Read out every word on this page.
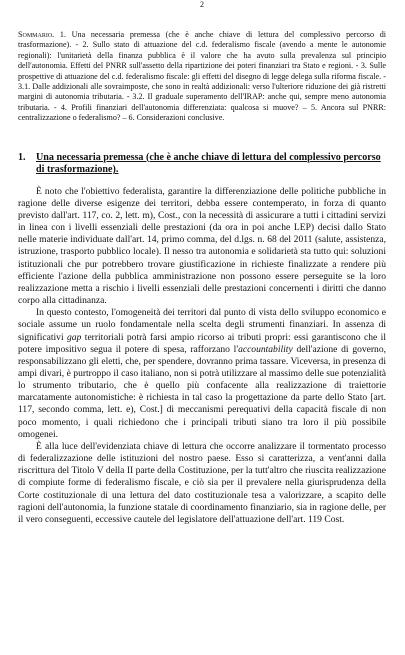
2
Sommario. 1. Una necessaria premessa (che è anche chiave di lettura del complessivo percorso di trasformazione). - 2. Sullo stato di attuazione del c.d. federalismo fiscale (avendo a mente le autonomie regionali): l'unitarietà della finanza pubblica è il valore che ha avuto sulla prevalenza sul principio dell'autonomia. Effetti del PNRR sull'assetto della ripartizione dei poteri finanziari tra Stato e regioni. - 3. Sulle prospettive di attuazione del c.d. federalismo fiscale: gli effetti del disegno di legge delega sulla riforma fiscale. - 3.1. Dalle addizionali alle sovraimposte, che sono in realtà addizionali: verso l'ulteriore riduzione dei già ristretti margini di autonomia tributaria. - 3.2. Il graduale superamento dell'IRAP: anche qui, sempre meno autonomia tributaria. - 4. Profili finanziari dell'autonomia differenziata: qualcosa si muove? – 5. Ancora sul PNRR: centralizzazione o federalismo? – 6. Considerazioni conclusive.
1.	Una necessaria premessa (che è anche chiave di lettura del complessivo percorso di trasformazione).

È noto che l'obiettivo federalista, garantire la differenziazione delle politiche pubbliche in ragione delle diverse esigenze dei territori, debba essere contemperato, in forza di quanto previsto dall'art. 117, co. 2, lett. m), Cost., con la necessità di assicurare a tutti i cittadini servizi in linea con i livelli essenziali delle prestazioni (da ora in poi anche LEP) decisi dallo Stato nelle materie individuate dall'art. 14, primo comma, del d.lgs. n. 68 del 2011 (salute, assistenza, istruzione, trasporto pubblico locale). Il nesso tra autonomia e solidarietà sta tutto qui: soluzioni istituzionali che pur potrebbero trovare giustificazione in richieste finalizzate a rendere più efficiente l'azione della pubblica amministrazione non possono essere perseguite se la loro realizzazione metta a rischio i livelli essenziali delle prestazioni concernenti i diritti che danno corpo alla cittadinanza.

In questo contesto, l'omogeneità dei territori dal punto di vista dello sviluppo economico e sociale assume un ruolo fondamentale nella scelta degli strumenti finanziari. In assenza di significativi gap territoriali potrà farsi ampio ricorso ai tributi propri: essi garantiscono che il potere impositivo segua il potere di spesa, rafforzano l'accountability dell'azione di governo, responsabilizzano gli eletti, che, per spendere, dovranno prima tassare. Viceversa, in presenza di ampi divari, è purtroppo il caso italiano, non si potrà utilizzare al massimo delle sue potenzialità lo strumento tributario, che è quello più confacente alla realizzazione di traiettorie marcatamente autonomistiche: è richiesta in tal caso la progettazione da parte dello Stato [art. 117, secondo comma, lett. e), Cost.] di meccanismi perequativi della capacità fiscale di non poco momento, i quali richiedono che i principali tributi siano tra loro il più possibile omogenei.

È alla luce dell'evidenziata chiave di lettura che occorre analizzare il tormentato processo di federalizzazione delle istituzioni del nostro paese. Esso si caratterizza, a vent'anni dalla riscrittura del Titolo V della II parte della Costituzione, per la tutt'altro che riuscita realizzazione di compiute forme di federalismo fiscale, e ciò sia per il prevalere nella giurisprudenza della Corte costituzionale di una lettura del dato costituzionale tesa a valorizzare, a scapito delle ragioni dell'autonomia, la funzione statale di coordinamento finanziario, sia in ragione delle, per il vero conseguenti, eccessive cautele del legislatore dell'attuazione dell'art. 119 Cost.
